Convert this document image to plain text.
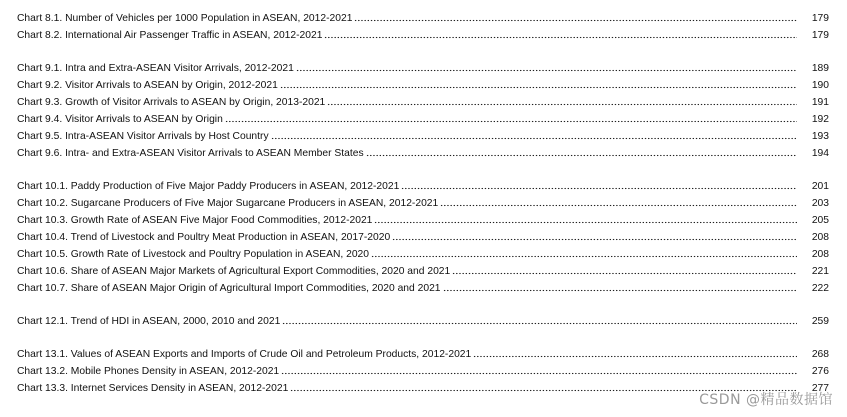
Chart 8.1. Number of Vehicles per 1000 Population in ASEAN, 2012-2021	179
Chart 8.2. International Air Passenger Traffic in ASEAN, 2012-2021	179
Chart 9.1. Intra and Extra-ASEAN Visitor Arrivals, 2012-2021	189
Chart 9.2. Visitor Arrivals to ASEAN by Origin, 2012-2021	190
Chart 9.3. Growth of Visitor Arrivals to ASEAN by Origin, 2013-2021	191
Chart 9.4. Visitor Arrivals to ASEAN by Origin	192
Chart 9.5. Intra-ASEAN Visitor Arrivals by Host Country	193
Chart 9.6. Intra- and Extra-ASEAN Visitor Arrivals to ASEAN Member States	194
Chart 10.1. Paddy Production of Five Major Paddy Producers in ASEAN, 2012-2021	201
Chart 10.2. Sugarcane Producers of Five Major Sugarcane Producers in ASEAN, 2012-2021	203
Chart 10.3. Growth Rate of ASEAN Five Major Food Commodities, 2012-2021	205
Chart 10.4. Trend of Livestock and Poultry Meat Production in ASEAN, 2017-2020	208
Chart 10.5. Growth Rate of Livestock and Poultry Population in ASEAN, 2020	208
Chart 10.6. Share of ASEAN Major Markets of Agricultural Export Commodities, 2020 and 2021	221
Chart 10.7. Share of ASEAN Major Origin of Agricultural Import Commodities, 2020 and 2021	222
Chart 12.1. Trend of HDI in ASEAN, 2000, 2010 and 2021	259
Chart 13.1. Values of ASEAN Exports and Imports of Crude Oil and Petroleum Products, 2012-2021	268
Chart 13.2. Mobile Phones Density in ASEAN, 2012-2021	276
Chart 13.3. Internet Services Density in ASEAN, 2012-2021	277
CSDN @精品数据馆
